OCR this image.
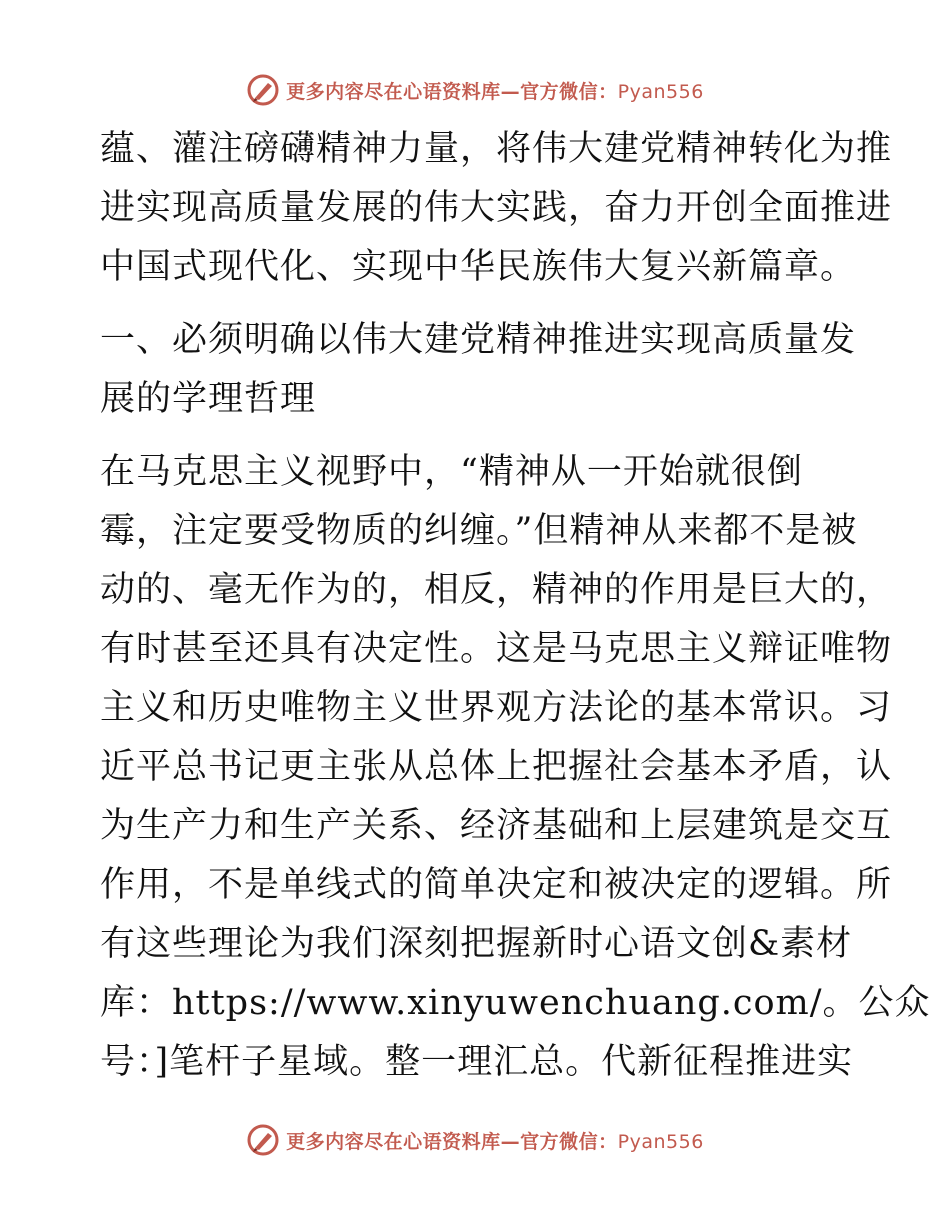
更多内容尽在心语资料库—官方微信：Pyan556
蕴、灌注磅礴精神力量，将伟大建党精神转化为推
进实现高质量发展的伟大实践，奋力开创全面推进
中国式现代化、实现中华民族伟大复兴新篇章。
一、必须明确以伟大建党精神推进实现高质量发
展的学理哲理
在马克思主义视野中，“精神从一开始就很倒
霉，注定要受物质的纠缠。”但精神从来都不是被
动的、毫无作为的，相反，精神的作用是巨大的，
有时甚至还具有决定性。这是马克思主义辩证唯物
主义和历史唯物主义世界观方法论的基本常识。习
近平总书记更主张从总体上把握社会基本矛盾，认
为生产力和生产关系、经济基础和上层建筑是交互
作用，不是单线式的简单决定和被决定的逻辑。所
有这些理论为我们深刻把握新时心语文创&素材
库：https://www.xinyuwenchuang.com/。公众
号：]笔杆子星域。整一理汇总。代新征程推进实
更多内容尽在心语资料库—官方微信：Pyan556
